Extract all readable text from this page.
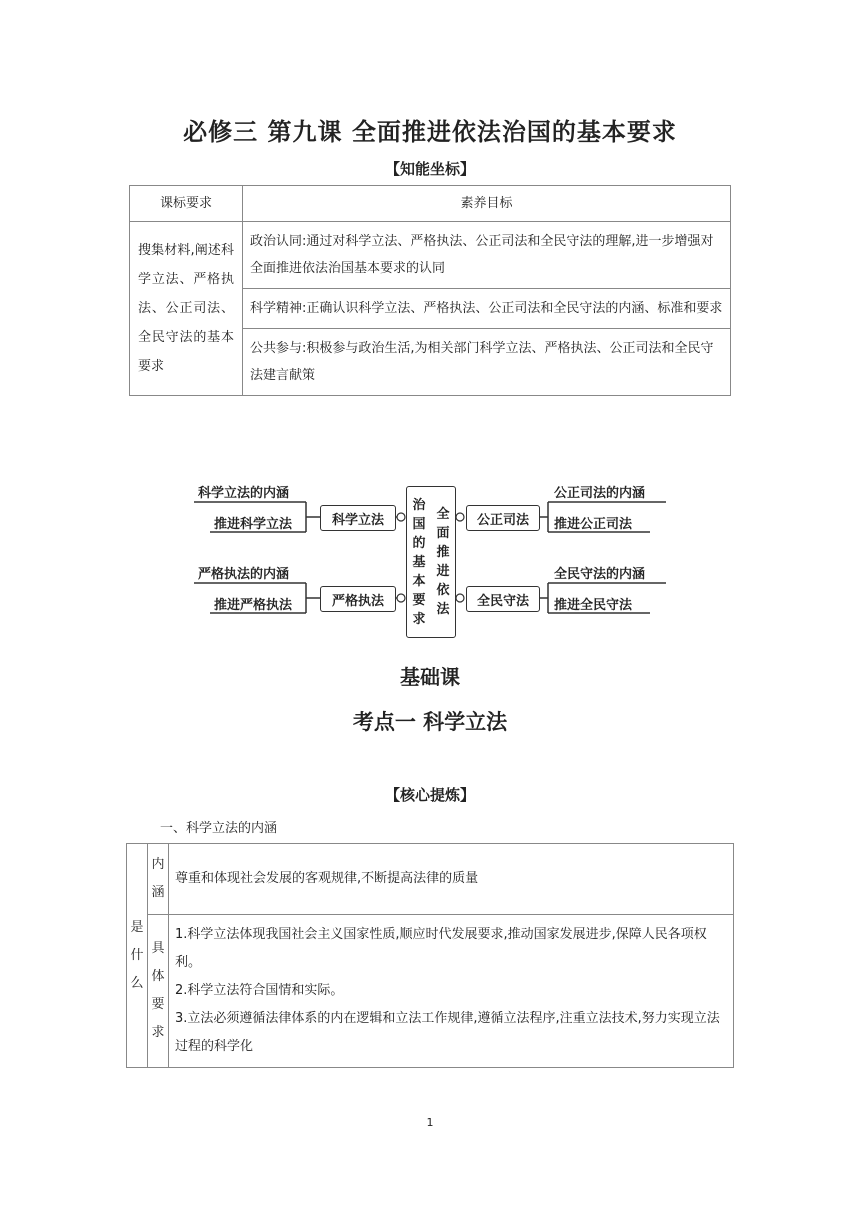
必修三 第九课 全面推进依法治国的基本要求
【知能坐标】
课标要求	素养目标
搜集材料,阐述科学立法、严格执法、公正司法、全民守法的基本要求	政治认同:通过对科学立法、严格执法、公正司法和全民守法的理解,进一步增强对全面推进依法治国基本要求的认同
	科学精神:正确认识科学立法、严格执法、公正司法和全民守法的内涵、标准和要求
	公共参与:积极参与政治生活,为相关部门科学立法、严格执法、公正司法和全民守法建言献策
科学立法的内涵
推进科学立法
严格执法的内涵
推进严格执法
科学立法
严格执法
治国的基本要求
全面推进依法
公正司法
全民守法
公正司法的内涵
推进公正司法
全民守法的内涵
推进全民守法
基础课
考点一 科学立法
【核心提炼】
一、科学立法的内涵
是什么	内涵	尊重和体现社会发展的客观规律,不断提高法律的质量
	具体要求	1.科学立法体现我国社会主义国家性质,顺应时代发展要求,推动国家发展进步,保障人民各项权利。
2.科学立法符合国情和实际。
3.立法必须遵循法律体系的内在逻辑和立法工作规律,遵循立法程序,注重立法技术,努力实现立法过程的科学化
1
